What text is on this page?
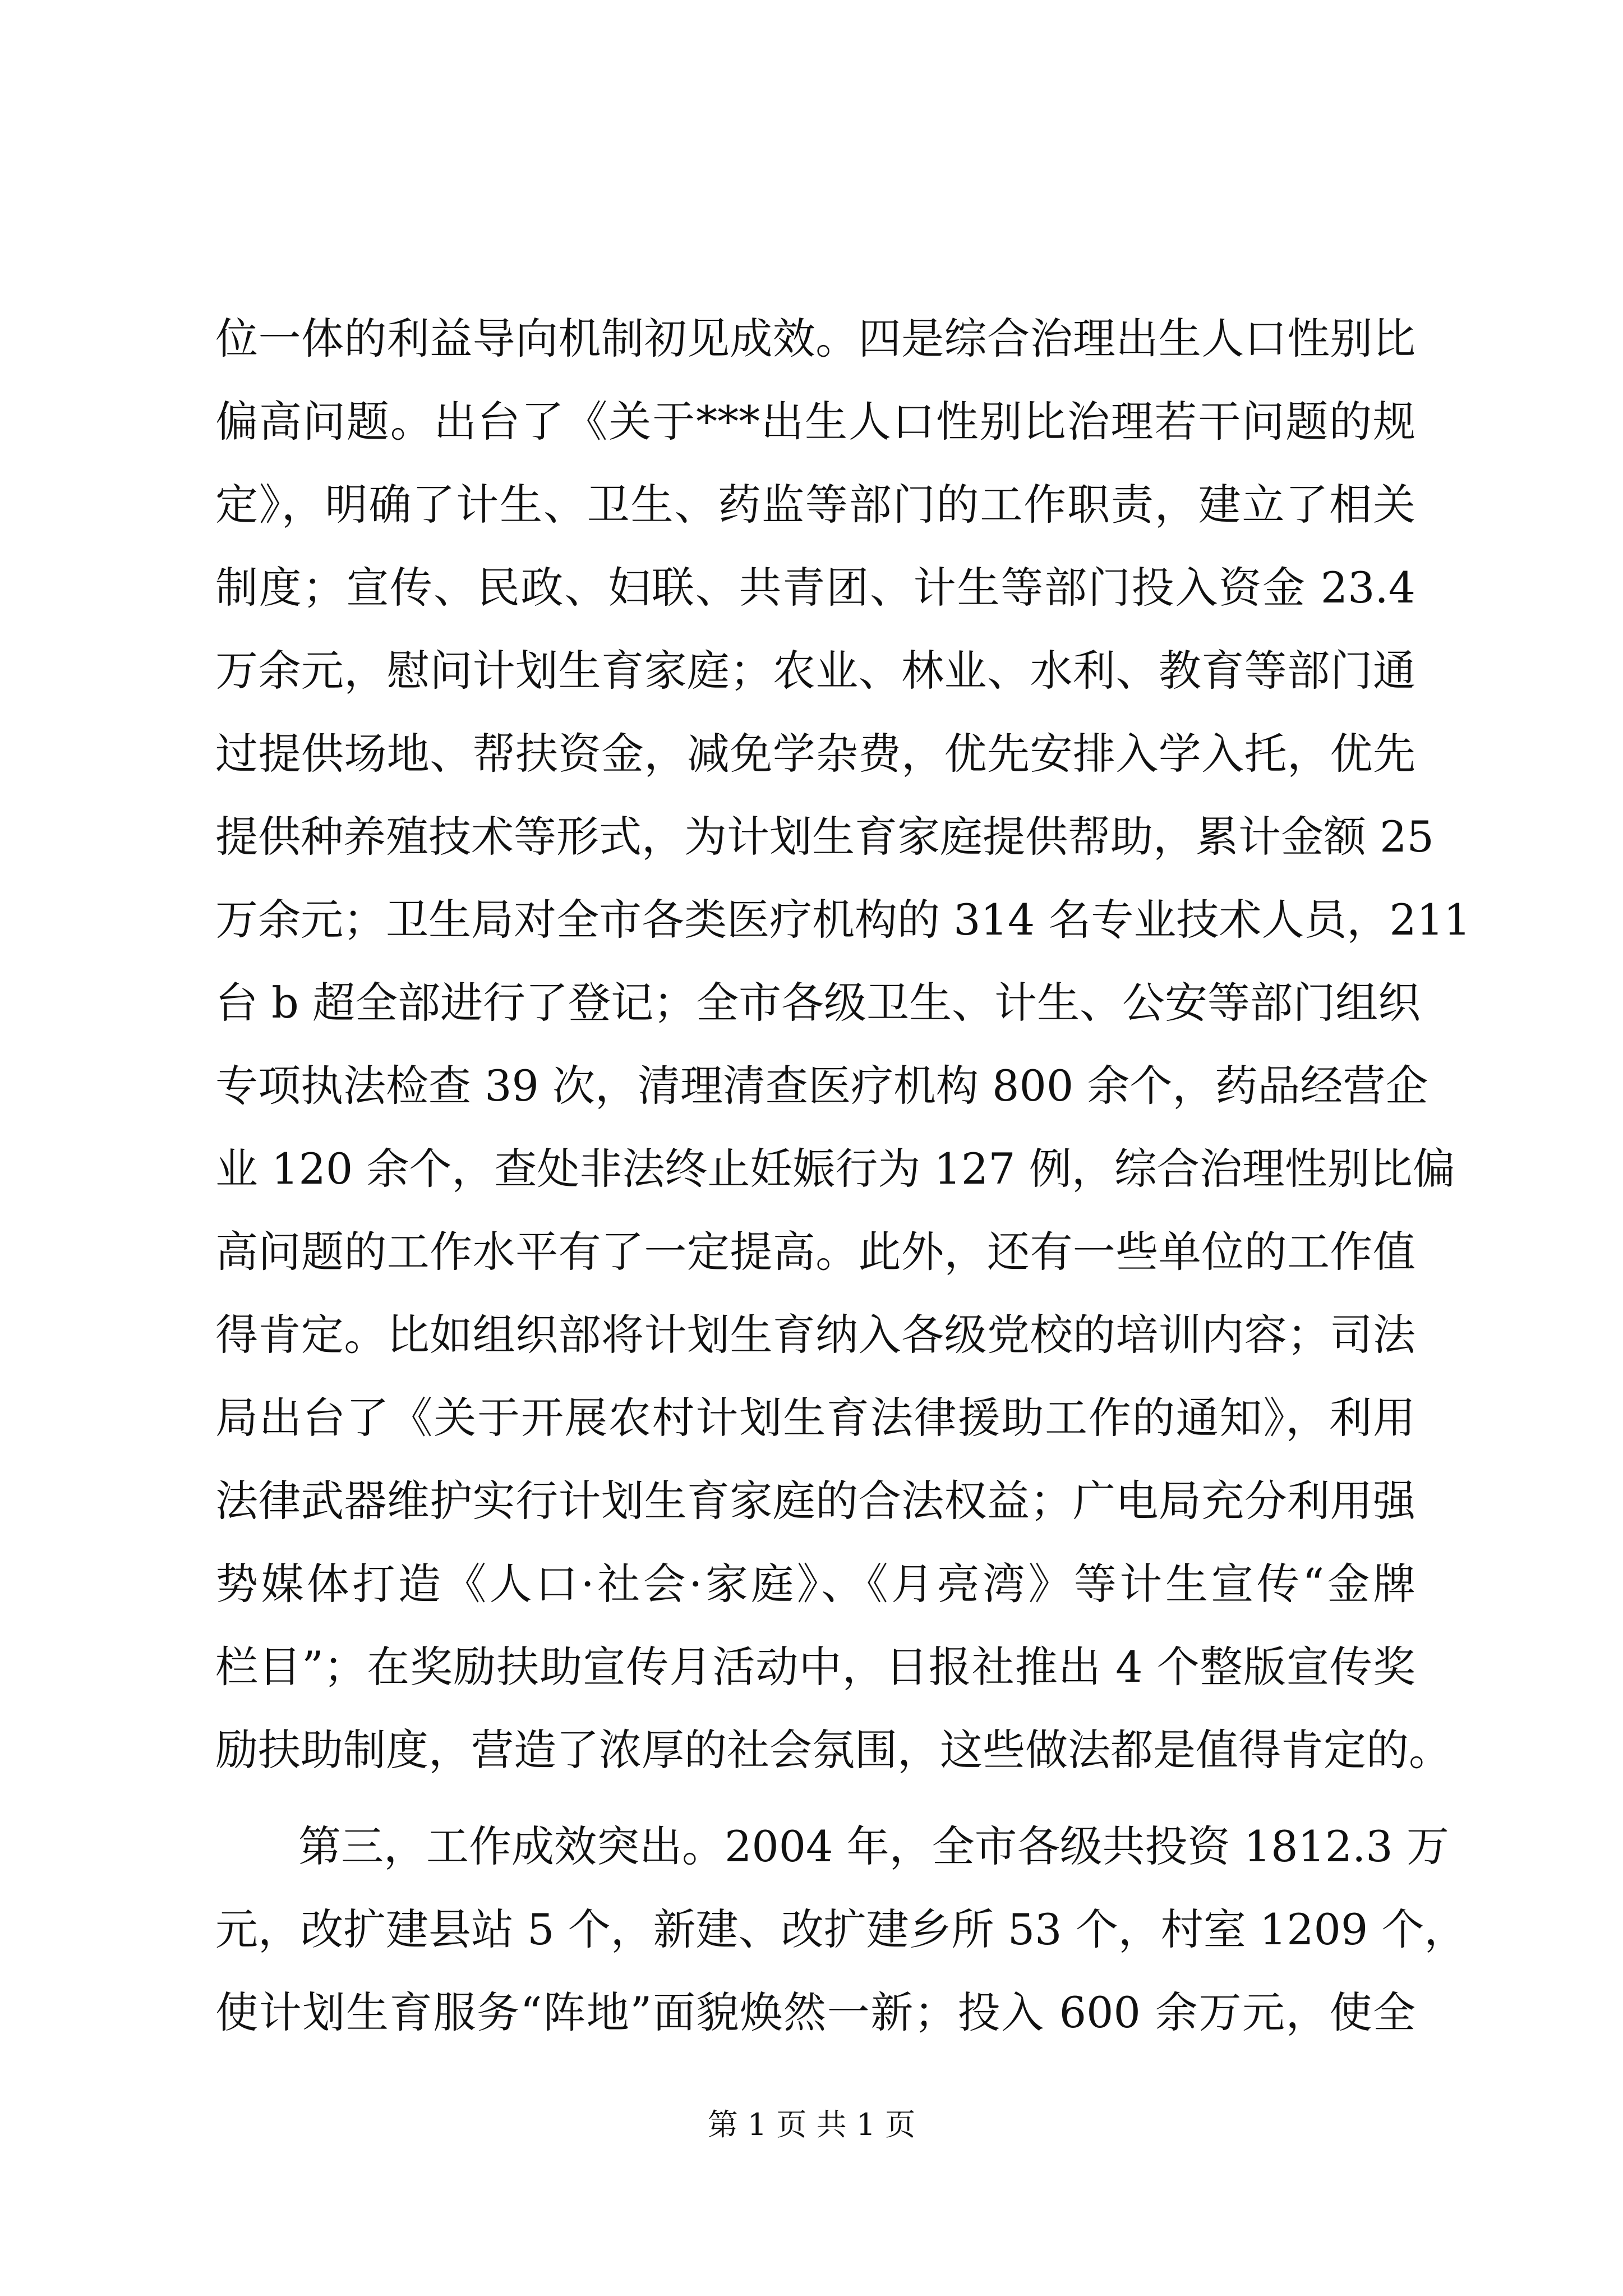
位一体的利益导向机制初见成效。四是综合治理出生人口性别比
偏高问题。出台了《关于***出生人口性别比治理若干问题的规
定》，明确了计生、卫生、药监等部门的工作职责，建立了相关
制度；宣传、民政、妇联、共青团、计生等部门投入资金 23.4
万余元，慰问计划生育家庭；农业、林业、水利、教育等部门通
过提供场地、帮扶资金，减免学杂费，优先安排入学入托，优先
提供种养殖技术等形式，为计划生育家庭提供帮助，累计金额 25
万余元；卫生局对全市各类医疗机构的 314 名专业技术人员，211
台 b 超全部进行了登记；全市各级卫生、计生、公安等部门组织
专项执法检查 39 次，清理清查医疗机构 800 余个，药品经营企
业 120 余个，查处非法终止妊娠行为 127 例，综合治理性别比偏
高问题的工作水平有了一定提高。此外，还有一些单位的工作值
得肯定。比如组织部将计划生育纳入各级党校的培训内容；司法
局出台了《关于开展农村计划生育法律援助工作的通知》，利用
法律武器维护实行计划生育家庭的合法权益；广电局充分利用强
势媒体打造《人口·社会·家庭》、《月亮湾》等计生宣传“金牌
栏目”；在奖励扶助宣传月活动中，日报社推出 4 个整版宣传奖
励扶助制度，营造了浓厚的社会氛围，这些做法都是值得肯定的。
第三，工作成效突出。2004 年，全市各级共投资 1812.3 万
元，改扩建县站 5 个，新建、改扩建乡所 53 个，村室 1209 个，
使计划生育服务“阵地”面貌焕然一新；投入 600 余万元，使全
第 1 页 共 1 页
